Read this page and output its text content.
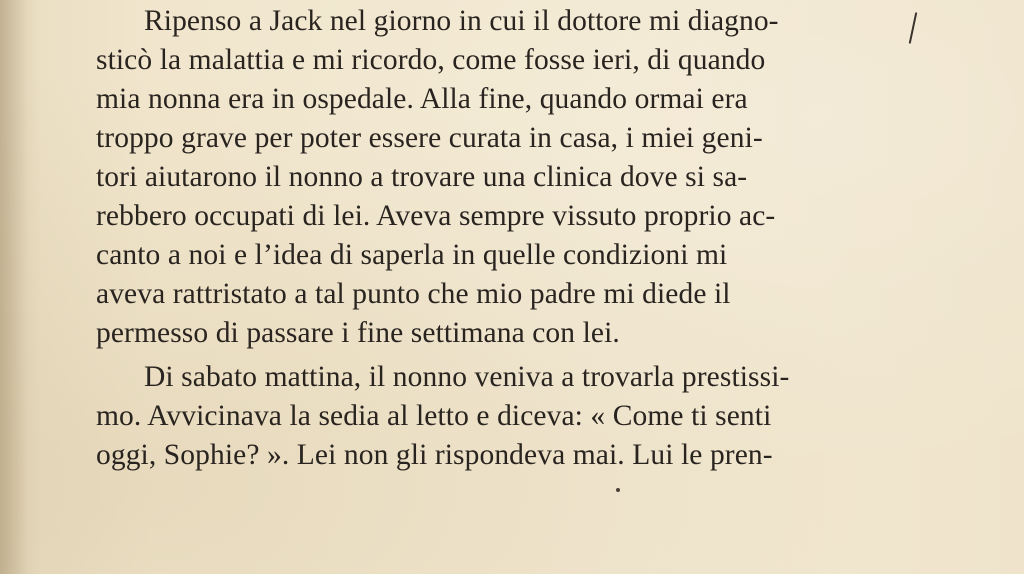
Ripenso a Jack nel giorno in cui il dottore mi diagno-
sticò la malattia e mi ricordo, come fosse ieri, di quando
mia nonna era in ospedale. Alla fine, quando ormai era
troppo grave per poter essere curata in casa, i miei geni-
tori aiutarono il nonno a trovare una clinica dove si sa-
rebbero occupati di lei. Aveva sempre vissuto proprio ac-
canto a noi e l’idea di saperla in quelle condizioni mi
aveva rattristato a tal punto che mio padre mi diede il
permesso di passare i fine settimana con lei.
Di sabato mattina, il nonno veniva a trovarla prestissi-
mo. Avvicinava la sedia al letto e diceva: « Come ti senti
oggi, Sophie? ». Lei non gli rispondeva mai. Lui le pren-
